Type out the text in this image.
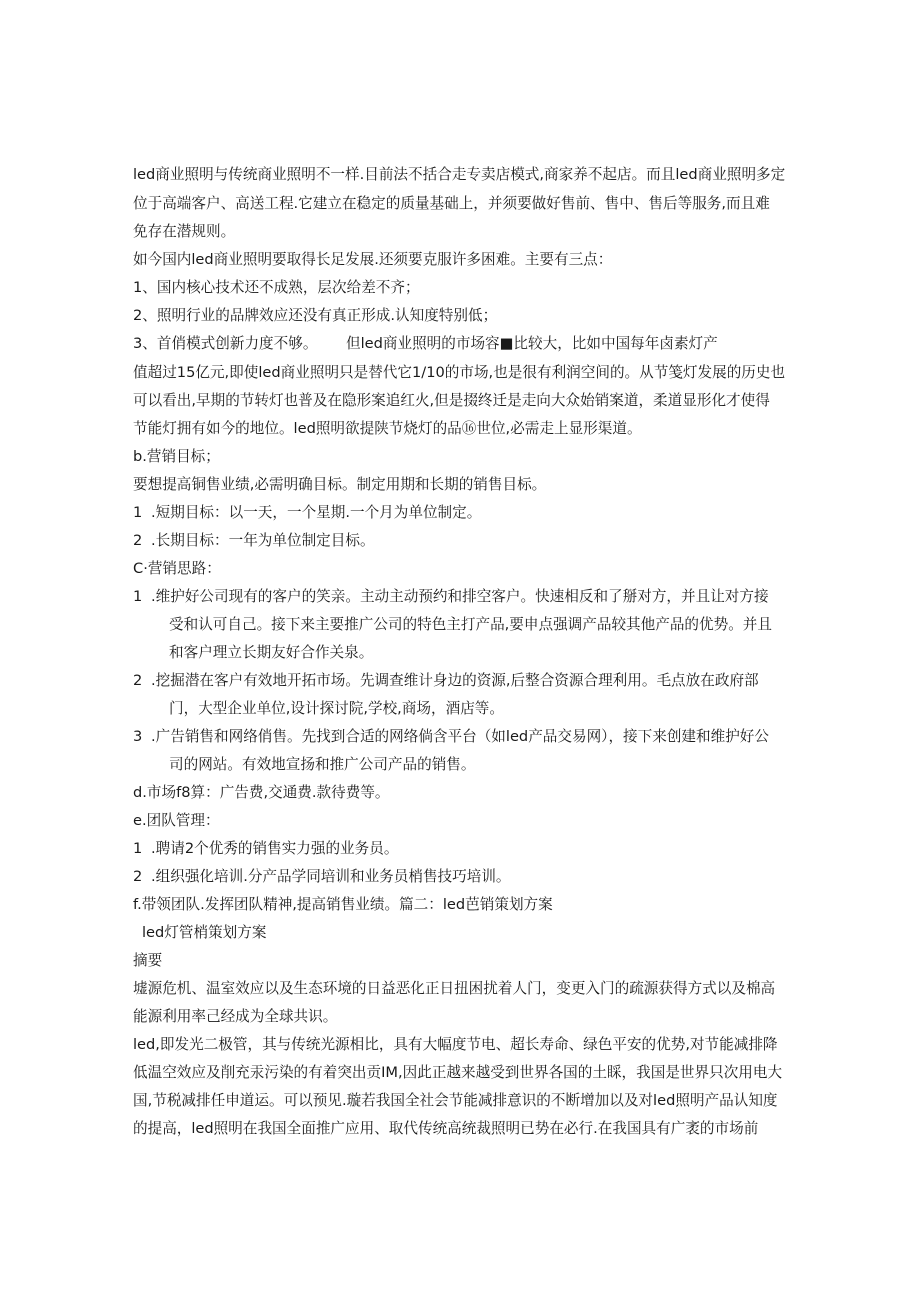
led商业照明与传统商业照明不一样.目前法不括合走专卖店模式,商家养不起店。而且led商业照明多定
位于高端客户、高送工程.它建立在稳定的质量基础上，并须要做好售前、售中、售后等服务,而且难
免存在潜规则。
如今国内led商业照明要取得长足发展.还须要克服许多困难。主要有三点：
1、国内核心技术还不成熟，层次给差不齐；
2、照明行业的品牌效应还没有真正形成.认知度特别低；
3、首俏模式创新力度不够。 但led商业照明的市场容■比较大，比如中国每年卤素灯产
值超过15亿元,即使led商业照明只是替代它1/10的市场,也是很有利润空间的。从节笺灯发展的历史也
可以看出,早期的节转灯也普及在隐形案追红火,但是掇终迁是走向大众始销案道，柔道显形化才使得
节能灯拥有如今的地位。led照明欲提陕节烧灯的品⑯世位,必需走上显形渠道。
b.营销目标；
要想提高铜售业绩,必需明确目标。制定用期和长期的销售目标。
1 .短期目标：以一天，一个星期.一个月为单位制定。
2 .长期目标：一年为单位制定目标。
C·营销思路：
1 .维护好公司现有的客户的笑亲。主动主动预约和排空客户。快速相反和了掰对方，并且让对方接
受和认可自己。接下来主要推广公司的特色主打产品,要申点强调产品较其他产品的优势。并且
和客户理立长期友好合作关泉。
2 .挖掘潜在客户有效地开拓市场。先调查维计身边的资源,后整合资源合理利用。毛点放在政府部
门，大型企业单位,设计探讨院,学校,商场，酒店等。
3 .广告销售和网络俏售。先找到合适的网络倘含平台（如led产品交易网），接下来创建和维护好公
司的网站。有效地宣扬和推广公司产品的销售。
d.市场f8算：广告费,交通费.款待费等。
e.团队管理：
1 .聘请2个优秀的销售实力强的业务员。
2 .组织强化培训.分产品学同培训和业务员梢售技巧培训。
f.带领团队.发挥团队精神,提高销售业绩。篇二：led芭销策划方案
led灯管梢策划方案
摘要
墟源危机、温室效应以及生态环境的日益恶化正日扭困扰着人门，变更入门的疏源获得方式以及棉高
能源利用率己经成为全球共识。
led,即发光二极管，其与传统光源相比，具有大幅度节电、超长寿命、绿色平安的优势,对节能减排降
低温空效应及削充汞污染的有着突出贡IM,因此正越来越受到世界各国的土睬，我国是世界只次用电大
国,节税减排任申道运。可以预见.璇若我国全社会节能减排意识的不断增加以及对led照明产品认知度
的提高，led照明在我国全面推广应用、取代传统高统裁照明已势在必行.在我国具有广袤的市场前
